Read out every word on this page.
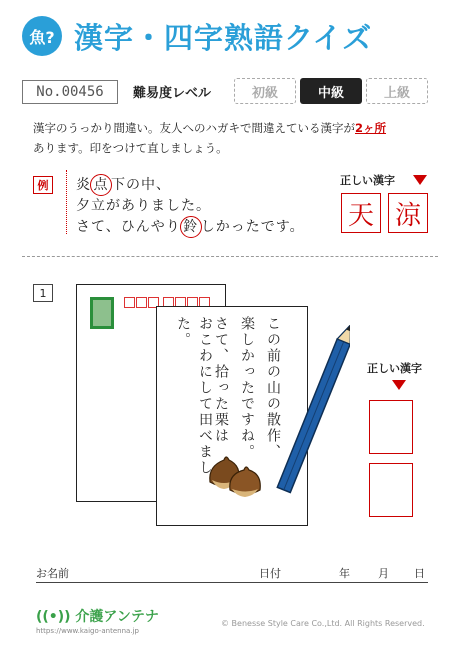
魚? 漢字・四字熟語クイズ
No.00456	難易度レベル	初級	中級	上級
漢字のうっかり間違い。友人へのハガキで間違えている漢字が2ヶ所
あります。印をつけて直しましょう。
例	炎 点 下の中、
夕立がありました。
さて、ひんやり 鈴 しかったです。
正しい漢字
天 涼
1
この前の山の散作、
楽しかったですね。
さて、拾った栗は
おこわにして田べました。
正しい漢字
お名前	日付	年	月 日
((•)) 介護アンテナ
https://www.kaigo-antenna.jp
© Benesse Style Care Co.,Ltd. All Rights Reserved.
